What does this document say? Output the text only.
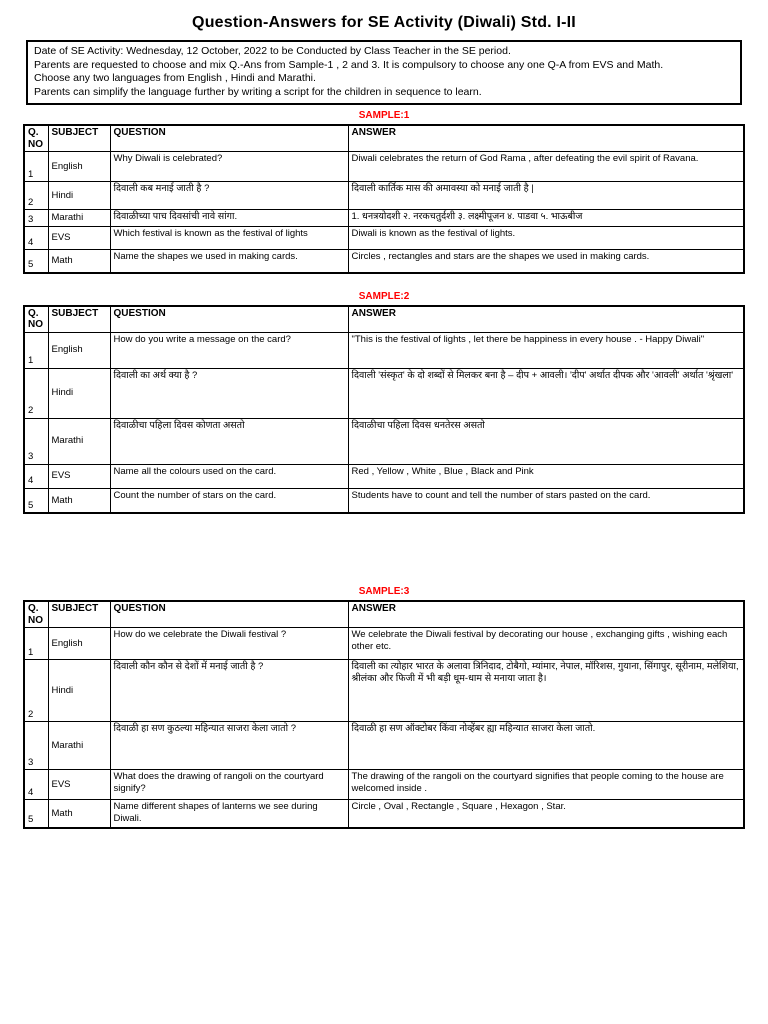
Question-Answers for SE Activity (Diwali) Std. I-II

Date of SE Activity: Wednesday, 12 October, 2022 to be Conducted by Class Teacher in the SE period.

Parents are requested to choose and mix Q.-Ans from Sample-1 , 2 and 3. It is compulsory to choose any one Q-A from EVS and Math.

Choose any two languages from English , Hindi and Marathi.

Parents can simplify the language further by writing a script for the children in sequence to learn.

SAMPLE:1

Q. NO	SUBJECT	QUESTION	ANSWER
1	English	Why Diwali is celebrated?	Diwali celebrates the return of God Rama , after defeating the evil spirit of Ravana.
2	Hindi	दिवाली कब मनाई जाती है ?	दिवाली कार्तिक मास की अमावस्या को मनाई जाती है |
3	Marathi	दिवाळीच्या पाच दिवसांची नावे सांगा.	1. धनत्रयोदशी २. नरकचतुर्दशी ३. लक्ष्मीपूजन ४. पाडवा ५. भाऊबीज
4	EVS	Which festival is known as the festival of lights	Diwali is known as the festival of lights.
5	Math	Name the shapes we used in making cards.	Circles , rectangles and stars are the shapes we used in making cards.

SAMPLE:2

Q. NO	SUBJECT	QUESTION	ANSWER
1	English	How do you write a message on the card?	"This is the festival of lights , let there be happiness in every house . - Happy Diwali"
2	Hindi	दिवाली का अर्थ क्या है ?	दिवाली 'संस्कृत' के दो शब्दों से मिलकर बना है – दीप + आवली। 'दीप' अर्थात दीपक और 'आवली' अर्थात 'श्रृंखला'
3	Marathi	दिवाळीचा पहिला दिवस कोणता असतो	दिवाळीचा पहिला दिवस धनतेरस असतो
4	EVS	Name all the colours used on the card.	Red , Yellow , White , Blue , Black and Pink
5	Math	Count the number of stars on the card.	Students have to count and tell the number of stars pasted on the card.

SAMPLE:3

Q. NO	SUBJECT	QUESTION	ANSWER
1	English	How do we celebrate the Diwali festival ?	We celebrate the Diwali festival by decorating our house , exchanging gifts , wishing each other etc.
2	Hindi	दिवाली कौन कौन से देशों में मनाई जाती है ?	दिवाली का त्योहार भारत के अलावा त्रिनिदाद, टोबैगो, म्यांमार, नेपाल, मॉरिशस, गुयाना, सिंगापुर, सूरीनाम, मलेशिया, श्रीलंका और फिजी में भी बड़ी धूम-धाम से मनाया जाता है।
3	Marathi	दिवाळी हा सण कुठल्या महिन्यात साजरा केला जातो ?	दिवाळी हा सण ऑक्टोबर किंवा नोव्हेंबर ह्या महिन्यात साजरा केला जातो.
4	EVS	What does the drawing of rangoli on the courtyard signify?	The drawing of the rangoli on the courtyard signifies that people coming to the house are welcomed inside .
5	Math	Name different shapes of lanterns we see during Diwali.	Circle , Oval , Rectangle , Square , Hexagon , Star.
